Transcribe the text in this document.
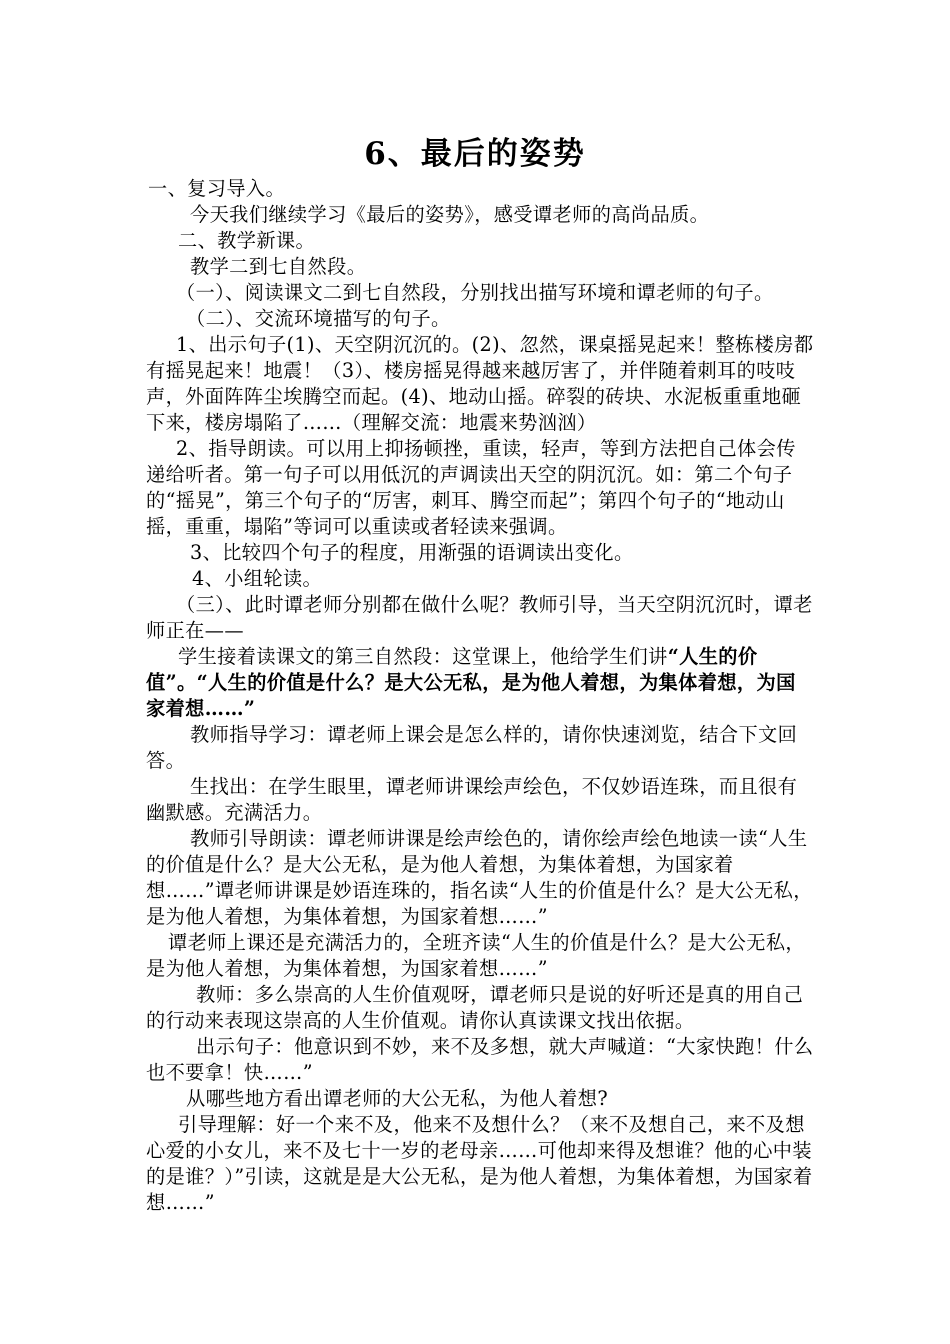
6、最后的姿势

一、复习导入。

今天我们继续学习《最后的姿势》，感受谭老师的高尚品质。

二、教学新课。

教学二到七自然段。

（一）、阅读课文二到七自然段，分别找出描写环境和谭老师的句子。

（二）、交流环境描写的句子。

1、出示句子(1)、天空阴沉沉的。(2)、忽然，课桌摇晃起来！整栋楼房都有摇晃起来！地震！（3）、楼房摇晃得越来越厉害了，并伴随着刺耳的吱吱声，外面阵阵尘埃腾空而起。(4)、地动山摇。碎裂的砖块、水泥板重重地砸下来，楼房塌陷了……（理解交流：地震来势汹汹）

2、指导朗读。可以用上抑扬顿挫，重读，轻声，等到方法把自己体会传递给听者。第一句子可以用低沉的声调读出天空的阴沉沉。如：第二个句子的“摇晃”，第三个句子的“厉害，刺耳、腾空而起”；第四个句子的“地动山摇，重重，塌陷”等词可以重读或者轻读来强调。

3、比较四个句子的程度，用渐强的语调读出变化。

4、小组轮读。

（三）、此时谭老师分别都在做什么呢？教师引导，当天空阴沉沉时，谭老师正在——

学生接着读课文的第三自然段：这堂课上，他给学生们讲“人生的价值”。“人生的价值是什么？是大公无私，是为他人着想，为集体着想，为国家着想……”

教师指导学习：谭老师上课会是怎么样的，请你快速浏览，结合下文回答。

生找出：在学生眼里，谭老师讲课绘声绘色，不仅妙语连珠，而且很有幽默感。充满活力。

教师引导朗读：谭老师讲课是绘声绘色的，请你绘声绘色地读一读“人生的价值是什么？是大公无私，是为他人着想，为集体着想，为国家着想……”谭老师讲课是妙语连珠的，指名读“人生的价值是什么？是大公无私，是为他人着想，为集体着想，为国家着想……”

谭老师上课还是充满活力的，全班齐读“人生的价值是什么？是大公无私，是为他人着想，为集体着想，为国家着想……”

教师：多么崇高的人生价值观呀，谭老师只是说的好听还是真的用自己的行动来表现这崇高的人生价值观。请你认真读课文找出依据。

出示句子：他意识到不妙，来不及多想，就大声喊道：“大家快跑！什么也不要拿！快……”

从哪些地方看出谭老师的大公无私，为他人着想?

引导理解：好一个来不及，他来不及想什么？（来不及想自己，来不及想心爱的小女儿，来不及七十一岁的老母亲……可他却来得及想谁？他的心中装的是谁？）”引读，这就是是大公无私，是为他人着想，为集体着想，为国家着想……”
